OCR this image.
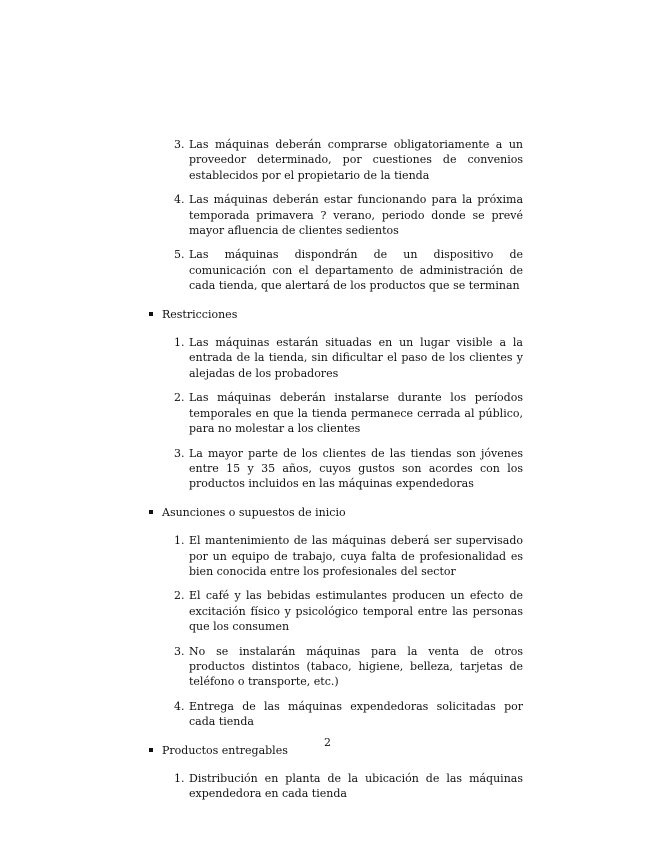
3. Las máquinas deberán comprarse obligatoriamente a un proveedor determinado, por cuestiones de convenios establecidos por el propietario de la tienda
4. Las máquinas deberán estar funcionando para la próxima temporada primavera ? verano, periodo donde se prevé mayor afluencia de clientes sedientos
5. Las máquinas dispondrán de un dispositivo de comunicación con el departamento de administración de cada tienda, que alertará de los productos que se terminan
Restricciones
1. Las máquinas estarán situadas en un lugar visible a la entrada de la tienda, sin dificultar el paso de los clientes y alejadas de los probadores
2. Las máquinas deberán instalarse durante los períodos temporales en que la tienda permanece cerrada al público, para no molestar a los clientes
3. La mayor parte de los clientes de las tiendas son jóvenes entre 15 y 35 años, cuyos gustos son acordes con los productos incluidos en las máquinas expendedoras
Asunciones o supuestos de inicio
1. El mantenimiento de las máquinas deberá ser supervisado por un equipo de trabajo, cuya falta de profesionalidad es bien conocida entre los profesionales del sector
2. El café y las bebidas estimulantes producen un efecto de excitación físico y psicológico temporal entre las personas que los consumen
3. No se instalarán máquinas para la venta de otros productos distintos (tabaco, higiene, belleza, tarjetas de teléfono o transporte, etc.)
4. Entrega de las máquinas expendedoras solicitadas por cada tienda
Productos entregables
1. Distribución en planta de la ubicación de las máquinas expendedora en cada tienda
2
